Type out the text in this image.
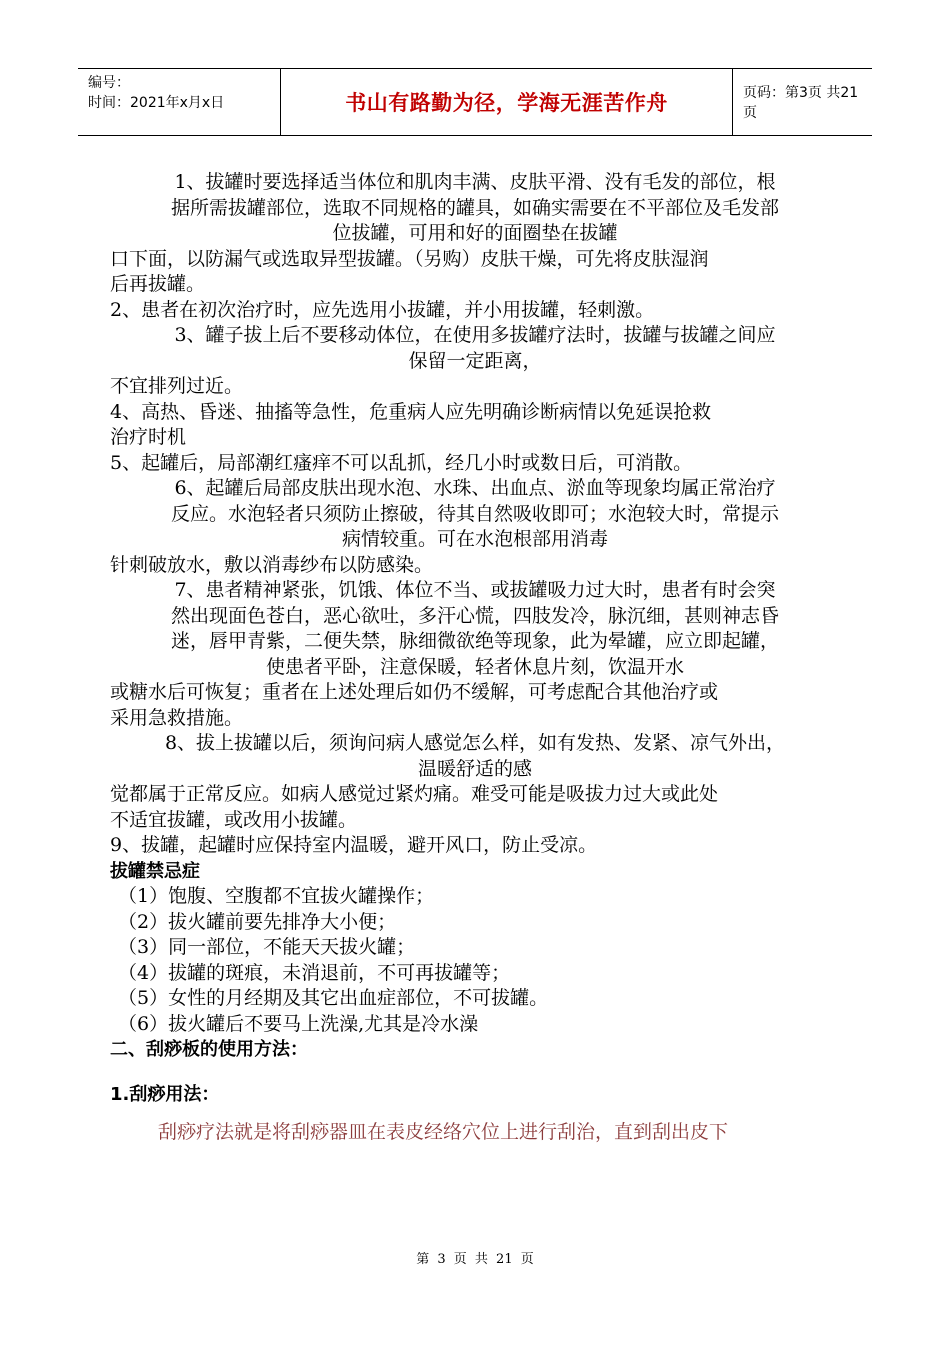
编号：
时间：2021年x月x日	书山有路勤为径，学海无涯苦作舟	页码：第3页 共21页
1、拔罐时要选择适当体位和肌肉丰满、皮肤平滑、没有毛发的部位，根
据所需拔罐部位，选取不同规格的罐具，如确实需要在不平部位及毛发部
位拔罐，可用和好的面圈垫在拔罐
口下面，以防漏气或选取异型拔罐。（另购）皮肤干燥，可先将皮肤湿润
后再拔罐。
2、患者在初次治疗时，应先选用小拔罐，并小用拔罐，轻刺激。
3、罐子拔上后不要移动体位，在使用多拔罐疗法时，拔罐与拔罐之间应
保留一定距离，
不宜排列过近。
4、高热、昏迷、抽搐等急性，危重病人应先明确诊断病情以免延误抢救
治疗时机
5、起罐后，局部潮红瘙痒不可以乱抓，经几小时或数日后，可消散。
6、起罐后局部皮肤出现水泡、水珠、出血点、淤血等现象均属正常治疗
反应。水泡轻者只须防止擦破，待其自然吸收即可；水泡较大时，常提示
病情较重。可在水泡根部用消毒
针刺破放水，敷以消毒纱布以防感染。
7、患者精神紧张，饥饿、体位不当、或拔罐吸力过大时，患者有时会突
然出现面色苍白，恶心欲吐，多汗心慌，四肢发冷，脉沉细，甚则神志昏
迷，唇甲青紫，二便失禁，脉细微欲绝等现象，此为晕罐，应立即起罐，
使患者平卧，注意保暖，轻者休息片刻，饮温开水
或糖水后可恢复；重者在上述处理后如仍不缓解，可考虑配合其他治疗或
采用急救措施。
8、拔上拔罐以后，须询问病人感觉怎么样，如有发热、发紧、凉气外出，
温暖舒适的感
觉都属于正常反应。如病人感觉过紧灼痛。难受可能是吸拔力过大或此处
不适宜拔罐，或改用小拔罐。
9、拔罐，起罐时应保持室内温暖，避开风口，防止受凉。
拔罐禁忌症
（1）饱腹、空腹都不宜拔火罐操作；
（2）拔火罐前要先排净大小便；
（3）同一部位，不能天天拔火罐；
（4）拔罐的斑痕，未消退前，不可再拔罐等；
（5）女性的月经期及其它出血症部位，不可拔罐。
（6）拔火罐后不要马上洗澡,尤其是冷水澡
二、刮痧板的使用方法：
1.刮痧用法：
刮痧疗法就是将刮痧器皿在表皮经络穴位上进行刮治，直到刮出皮下
第 3 页 共 21 页
